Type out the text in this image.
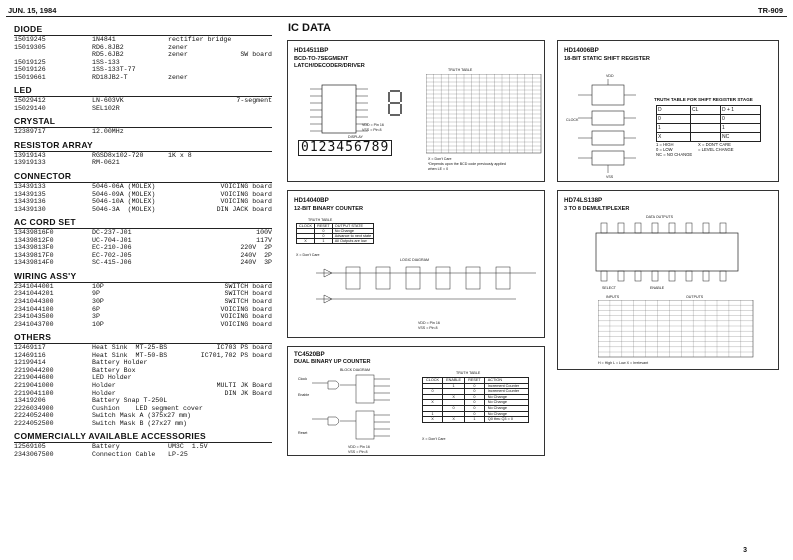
JUN. 15, 1984	TR-909
DIODE
15019245	1N4841	rectifier bridge
15019305	RD6.8JB2	zener
RD5.6JB2	zener	SW board
15019125	1SS-133
15019126	1SS-133T-77
15019661	RD18JB2-T	zener
LED
15029412	LN-603VK	7-segment
15029140	SEL102R
CRYSTAL
12389717	12.00MHz
RESISTOR ARRAY
13919143	RGSD8x102-720	1K x 8
13919133	RM-0621
CONNECTOR
13439133	5046-06A (MOLEX)	VOICING board
13439135	5046-09A (MOLEX)	VOICING board
13439136	5046-10A (MOLEX)	VOICING board
13439130	5046-3A  (MOLEX)	DIN JACK board
AC CORD SET
13439816F0	DC-237-J01	100V
13439812F0	UC-704-J01	117V
13439813F0	EC-210-J06	220V  2P
13439817F0	EC-702-J05	240V  2P
13439814F0	SC-415-J06	240V  3P
WIRING ASS'Y
2341044001	10P	SWITCH board
2341044201	9P	SWITCH board
2341044300	30P	SWITCH board
2341044100	6P	VOICING board
2341043500	3P	VOICING board
2341043700	10P	VOICING board
OTHERS
12469117	Heat Sink  MT-25-BS	IC703 PS board
12469116	Heat Sink  MT-50-BS	IC701,702 PS board
12199414	Battery Holder
2219044200	Battery Box
2219044600	LED Holder
2219041000	Holder	MULTI JK Board
2219041100	Holder	DIN JK Board
13419206	Battery Snap T-250L
2226034900	Cushion    LED segment cover
2224052400	Switch Mask A (375x27 mm)
2224052500	Switch Mask B (27x27 mm)
COMMERCIALLY AVAILABLE ACCESSORIES
12569105	Battery	UM3C  1.5V
2343067500	Connection Cable	LP-25
IC DATA
HD14511BP
BCD-TO-7SEGMENT
LATCH/DECODER/DRIVER
VDD = Pin 16
VSS = Pin 8
DISPLAY
0123456789
TRUTH TABLE
X = Don't Care
*Depends upon the BCD code previously applied
when LE = 0
HD14006BP
18-BIT STATIC SHIFT REGISTER
CLOCK
VDD
VSS
TRUTH TABLE FOR SHIFT REGISTER STAGE
D	CL	D + 1
0		0
1		1
X		NC
1 = HIGH	X = DON'T CARE
0 = LOW	= LEVEL CHANGE
NC = NO CHANGE
HD14040BP
12-BIT BINARY COUNTER
TRUTH TABLE
CLOCK	RESET	OUTPUT STATE
	0	No Change
	0	Advance to next state
X	1	All Outputs are low
X = Don't Care
LOGIC DIAGRAM
VDD = Pin 16
VSS = Pin 8
HD74LS138P
3 TO 8 DEMULTIPLEXER
DATA OUTPUTS
SELECT	ENABLE
INPUTS	OUTPUTS
H = High L = Low X = Irrelevant
TC4520BP
DUAL BINARY UP COUNTER
BLOCK DIAGRAM
Clock
Enable
Reset
VDD = Pin 16
VSS = Pin 8
TRUTH TABLE
CLOCK	ENABLE	RESET	ACTION
	1	0	Increment Counter
0		0	Increment Counter
	X	0	No Change
X		0	No Change
	0	0	No Change
1		0	No Change
X	X	1	Q0 thru Q3 = 0
X = Don't Care
3
